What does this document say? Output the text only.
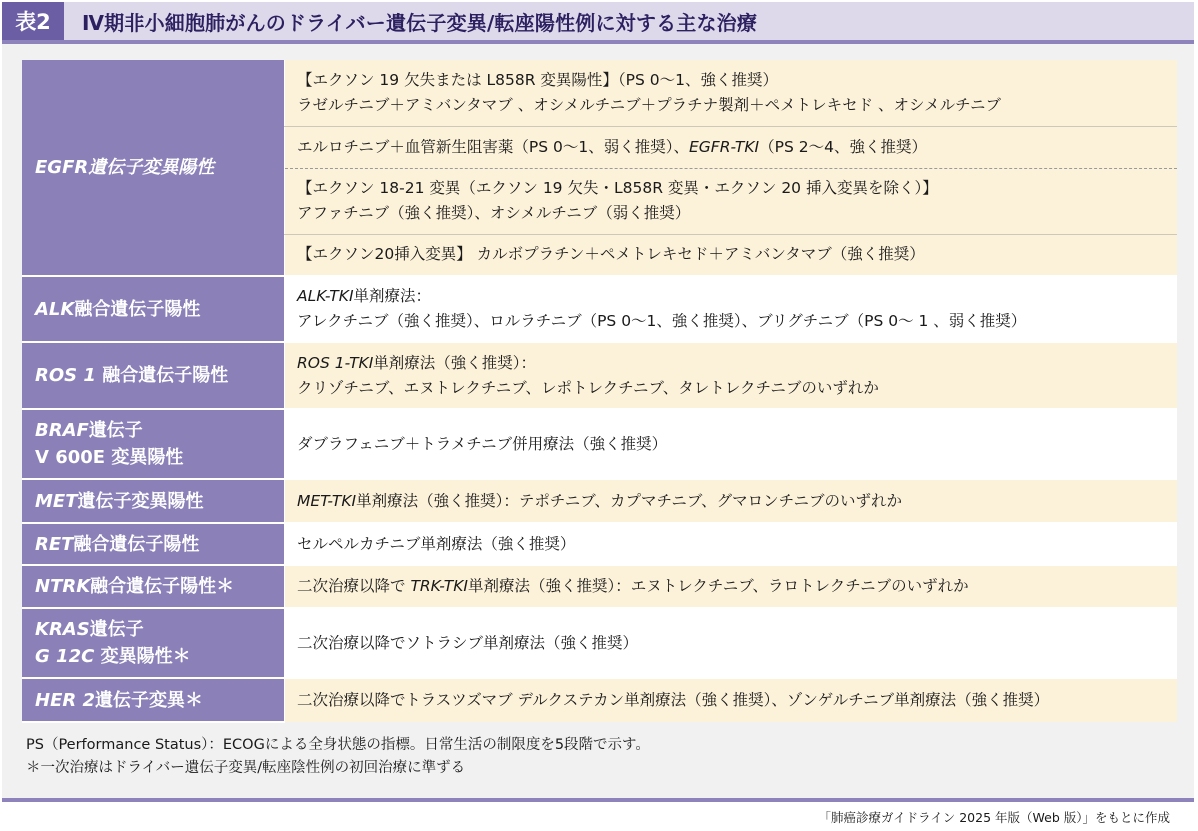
表2	Ⅳ期非小細胞肺がんのドライバー遺伝子変異/転座陽性例に対する主な治療
EGFR遺伝子変異陽性	【エクソン 19 欠失または L858R 変異陽性】（PS 0〜1、強く推奨）
ラゼルチニブ＋アミバンタマブ 、オシメルチニブ＋プラチナ製剤＋ペメトレキセド 、オシメルチニブ

	エルロチニブ＋血管新生阻害薬（PS 0〜1、弱く推奨）、EGFR-TKI（PS 2〜4、強く推奨）

	【エクソン 18-21 変異（エクソン 19 欠失・L858R 変異・エクソン 20 挿入変異を除く）】
アファチニブ（強く推奨）、オシメルチニブ（弱く推奨）

	【エクソン20挿入変異】 カルボプラチン＋ペメトレキセド＋アミバンタマブ（強く推奨）
ALK融合遺伝子陽性	ALK-TKI単剤療法：
アレクチニブ（強く推奨）、ロルラチニブ（PS 0〜1、強く推奨）、ブリグチニブ（PS 0〜 1 、弱く推奨）

ROS 1 融合遺伝子陽性	ROS 1-TKI単剤療法（強く推奨）：
クリゾチニブ、エヌトレクチニブ、レポトレクチニブ、タレトレクチニブのいずれか

BRAF遺伝子
V 600E 変異陽性	ダブラフェニブ＋トラメチニブ併用療法（強く推奨）
MET遺伝子変異陽性	MET-TKI単剤療法（強く推奨）：テポチニブ、カプマチニブ、グマロンチニブのいずれか
RET融合遺伝子陽性	セルペルカチニブ単剤療法（強く推奨）
NTRK融合遺伝子陽性＊	二次治療以降で TRK-TKI単剤療法（強く推奨）：エヌトレクチニブ、ラロトレクチニブのいずれか

KRAS遺伝子
G 12C 変異陽性＊	二次治療以降でソトラシブ単剤療法（強く推奨）
HER 2遺伝子変異＊	二次治療以降でトラスツズマブ デルクステカン単剤療法（強く推奨）、ゾンゲルチニブ単剤療法（強く推奨）
PS（Performance Status）：ECOGによる全身状態の指標。日常生活の制限度を5段階で示す。
＊一次治療はドライバー遺伝子変異/転座陰性例の初回治療に準ずる
「肺癌診療ガイドライン 2025 年版（Web 版）」をもとに作成
